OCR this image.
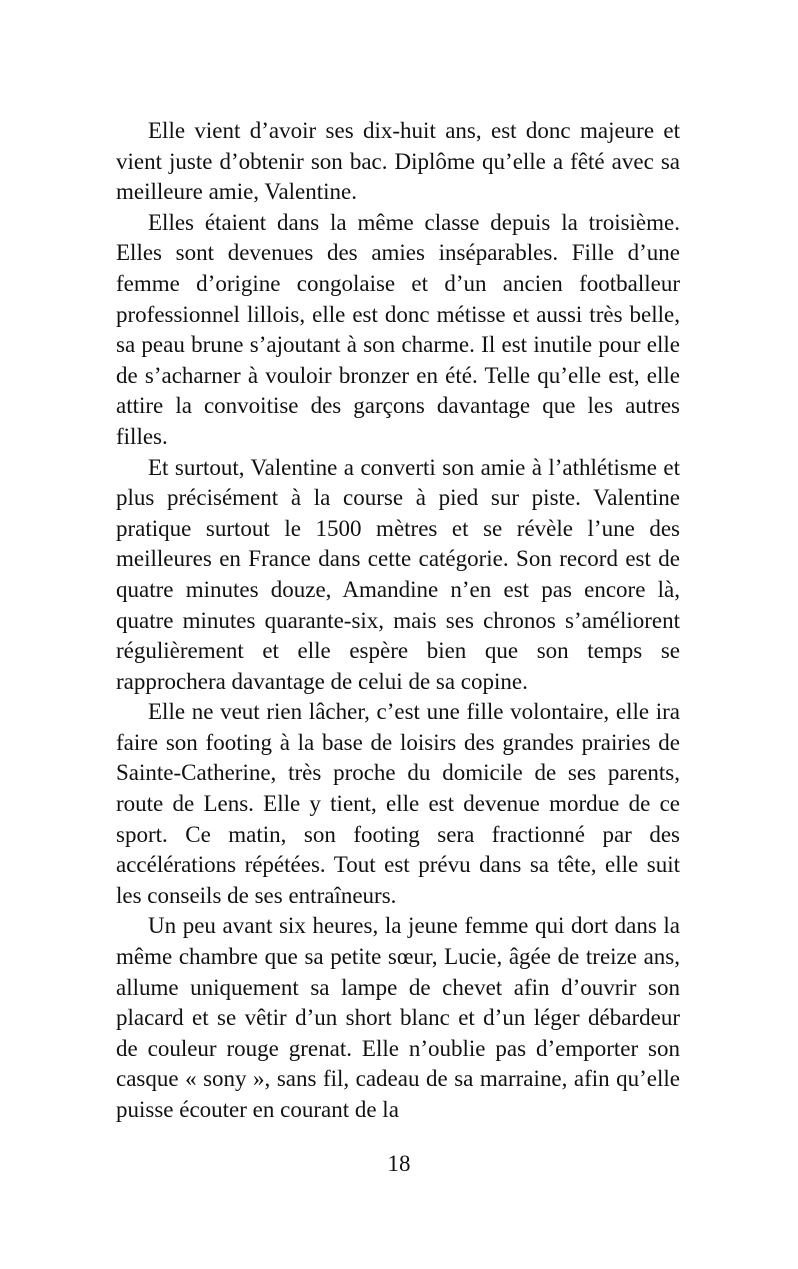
Elle vient d’avoir ses dix-huit ans, est donc majeure et vient juste d’obtenir son bac. Diplôme qu’elle a fêté avec sa meilleure amie, Valentine.

Elles étaient dans la même classe depuis la troisième. Elles sont devenues des amies inséparables. Fille d’une femme d’origine congolaise et d’un ancien footballeur professionnel lillois, elle est donc métisse et aussi très belle, sa peau brune s’ajoutant à son charme. Il est inutile pour elle de s’acharner à vouloir bronzer en été. Telle qu’elle est, elle attire la convoitise des garçons davantage que les autres filles.

Et surtout, Valentine a converti son amie à l’athlétisme et plus précisément à la course à pied sur piste. Valentine pratique surtout le 1500 mètres et se révèle l’une des meilleures en France dans cette catégorie. Son record est de quatre minutes douze, Amandine n’en est pas encore là, quatre minutes quarante-six, mais ses chronos s’améliorent régulièrement et elle espère bien que son temps se rapprochera davantage de celui de sa copine.

Elle ne veut rien lâcher, c’est une fille volontaire, elle ira faire son footing à la base de loisirs des grandes prairies de Sainte-Catherine, très proche du domicile de ses parents, route de Lens. Elle y tient, elle est devenue mordue de ce sport. Ce matin, son footing sera fractionné par des accélérations répétées. Tout est prévu dans sa tête, elle suit les conseils de ses entraîneurs.

Un peu avant six heures, la jeune femme qui dort dans la même chambre que sa petite sœur, Lucie, âgée de treize ans, allume uniquement sa lampe de chevet afin d’ouvrir son placard et se vêtir d’un short blanc et d’un léger débardeur de couleur rouge grenat. Elle n’oublie pas d’emporter son casque « sony », sans fil, cadeau de sa marraine, afin qu’elle puisse écouter en courant de la

18
